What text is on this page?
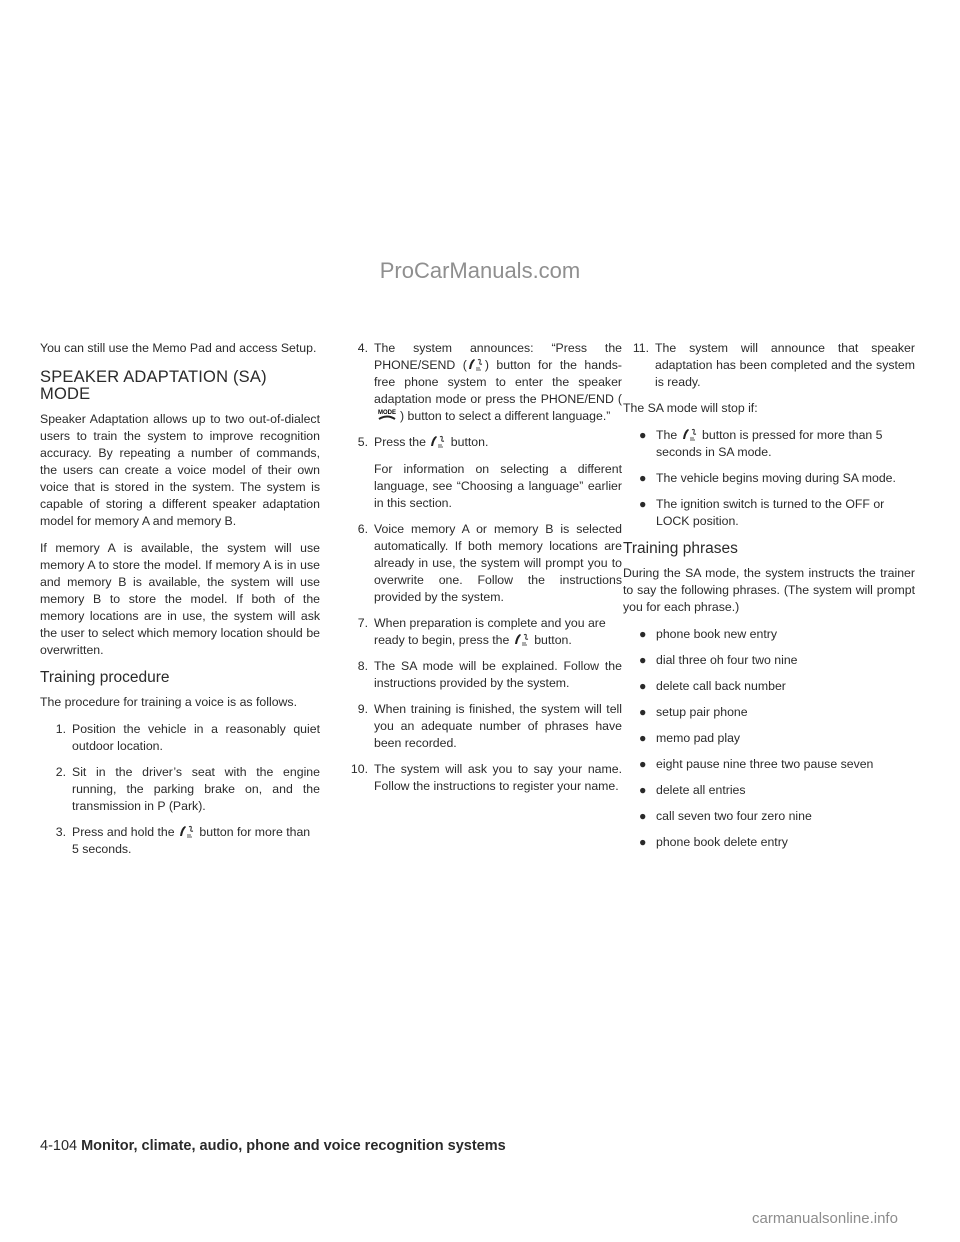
ProCarManuals.com

You can still use the Memo Pad and access Setup.

SPEAKER ADAPTATION (SA) MODE

Speaker Adaptation allows up to two out-of-dialect users to train the system to improve recognition accuracy. By repeating a number of commands, the users can create a voice model of their own voice that is stored in the system. The system is capable of storing a different speaker adaptation model for memory A and memory B.

If memory A is available, the system will use memory A to store the model. If memory A is in use and memory B is available, the system will use memory B to store the model. If both of the memory locations are in use, the system will ask the user to select which memory location should be overwritten.

Training procedure

The procedure for training a voice is as follows.

1. Position the vehicle in a reasonably quiet outdoor location.
2. Sit in the driver’s seat with the engine running, the parking brake on, and the transmission in P (Park).
3. Press and hold the button for more than 5 seconds.
4. The system announces: “Press the PHONE/SEND ( ) button for the hands-free phone system to enter the speaker adaptation mode or press the PHONE/END (
MODE ) button to select a different language.”
5. Press the button.
For information on selecting a different language, see “Choosing a language” earlier in this section.
6. Voice memory A or memory B is selected automatically. If both memory locations are already in use, the system will prompt you to overwrite one. Follow the instructions provided by the system.
7. When preparation is complete and you are ready to begin, press the button.
8. The SA mode will be explained. Follow the instructions provided by the system.
9. When training is finished, the system will tell you an adequate number of phrases have been recorded.
10. The system will ask you to say your name. Follow the instructions to register your name.
11. The system will announce that speaker adaptation has been completed and the system is ready.

The SA mode will stop if:

● The button is pressed for more than 5 seconds in SA mode.
● The vehicle begins moving during SA mode.
● The ignition switch is turned to the OFF or LOCK position.
Training phrases

During the SA mode, the system instructs the trainer to say the following phrases. (The system will prompt you for each phrase.)

● phone book new entry
● dial three oh four two nine
● delete call back number
● setup pair phone
● memo pad play
● eight pause nine three two pause seven
● delete all entries
● call seven two four zero nine
● phone book delete entry
4-104 Monitor, climate, audio, phone and voice recognition systems
carmanualsonline.info
